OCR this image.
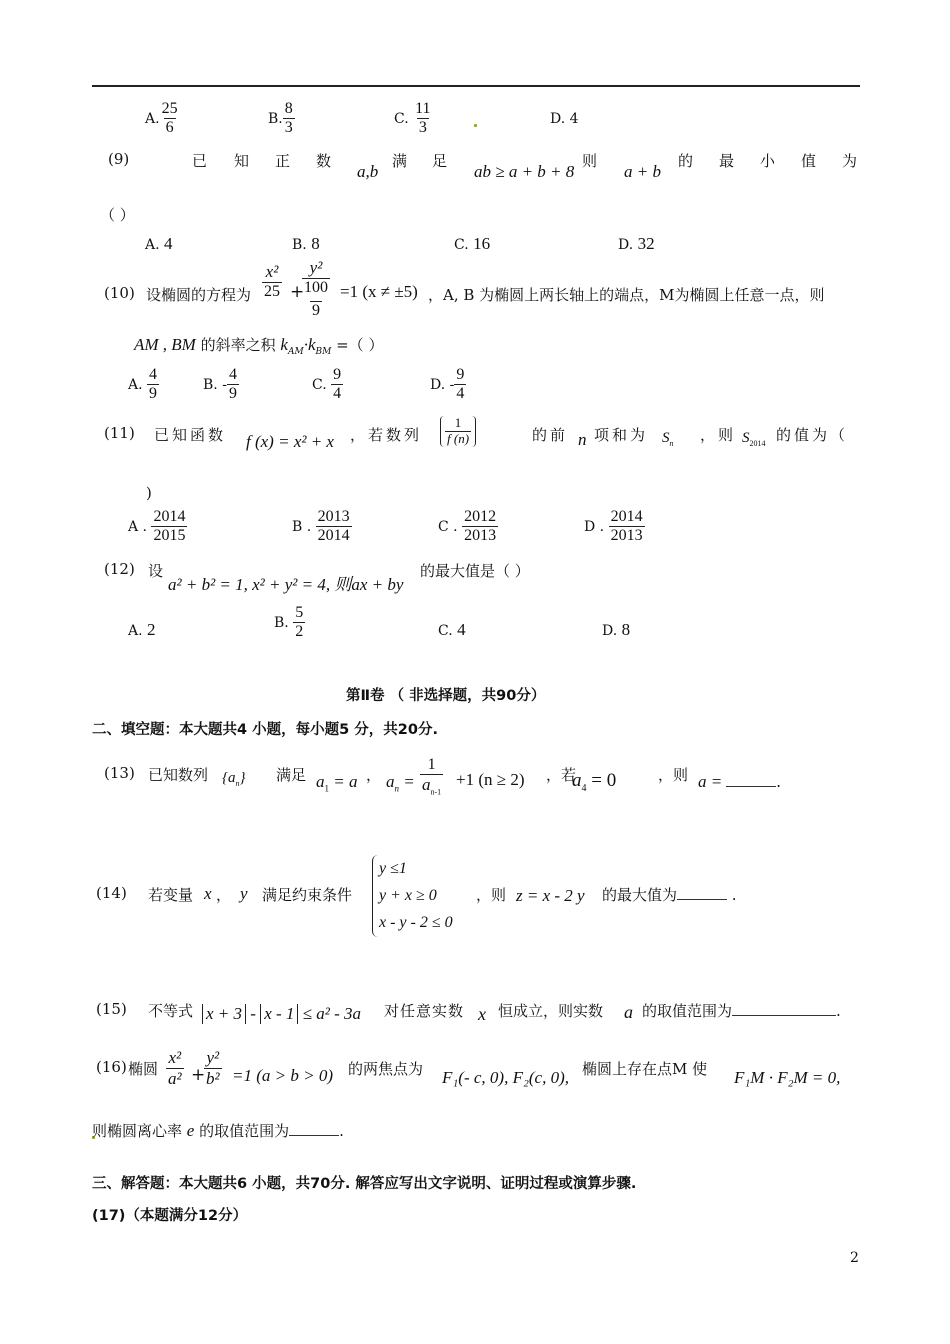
A. $\frac{25}{6}$	B. $\frac{8}{3}$	C. $\frac{11}{3}$	D. 4
(9)	已 知 正 数
a,b
满 足
ab ≥ a + b + 8
则
a + b
的 最 小 值 为
（ ）
A. 4	B. 8	C. 16	D. 32
(10) 设椭圆的方程为 $\frac{\text{x²}}{25}$ +
y²
100
9
=1 (x ≠ ±5) ，A, B 为椭圆上两长轴上的端点，M为椭圆上任意一点，则
AM , BM 的斜率之积 $k_{AM}\cdot k_{BM}$ =（ ）
A. $\frac{4}{9}$	B. - $\frac{4}{9}$	C. $\frac{9}{4}$	D. - $\frac{9}{4}$
(11) 已知函数 f (x) = x² + x ，若数列 $\frac{1}{f (n)}$	的前 n 项和为 $S_n$ ，则 $S_{2014}$ 的值为（
)
A . $\frac{2014}{2015}$	B . $\frac{2013}{2014}$	C . $\frac{2012}{2013}$	D . $\frac{2014}{2013}$
(12) 设
a² + b² = 1, x² + y² = 4, 则ax + by
的最大值是（ ）
A. 2	B. $\frac{5}{2}$	C. 4	D. 8
第Ⅱ卷 （ 非选择题，共90分）
二、填空题：本大题共4 小题，每小题5 分，共20分.
(13) 已知数列 $\{a_n\}$ 满足 $a_1 = a$ ， $a_n = \frac{1}{a_{n-1}} +1$ (n ≥ 2) ，若
$a_4 = 0$	，则 a =	.
(14) 若变量 x ， y 满足约束条件
y ≤1
y + x ≥ 0
x - y - 2 ≤ 0
，则 z = x - 2 y 的最大值为	.
(15) 不等式 x + 3 - x - 1 ≤ a² - 3a 对任意实数 x 恒成立，则实数 a 的取值范围为	.
(16) 椭圆 $\frac{\text{x²}}{\text{a²}}$ +
$\frac{\text{y²}}{\text{b²}} =1$ (a > b > 0) 的两焦点为 F₁(- c, 0), F₂(c, 0), 椭圆上存在点M 使 F₁M · F₂M = 0,
则椭圆离心率 e 的取值范围为	.
三、解答题：本大题共6 小题，共70分. 解答应写出文字说明、证明过程或演算步骤.
(17)（本题满分12分）
2
